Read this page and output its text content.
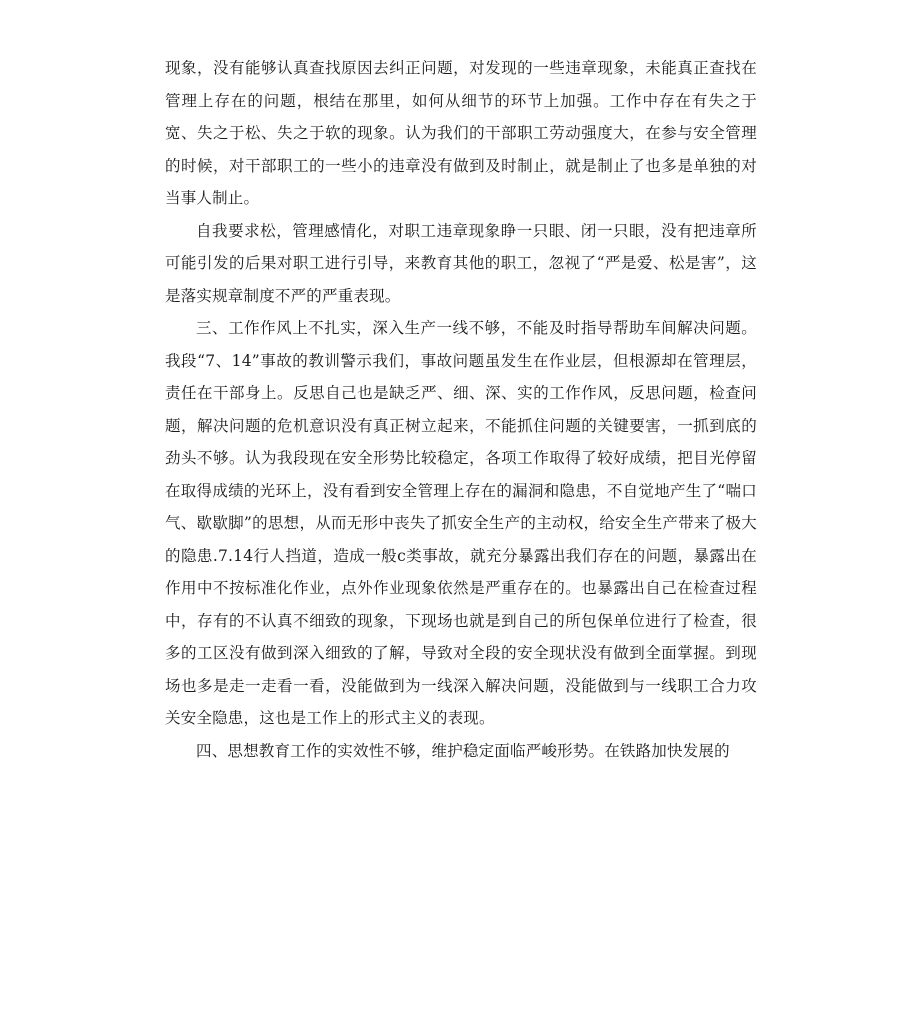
现象，没有能够认真查找原因去纠正问题，对发现的一些违章现象，未能真正查找在管理上存在的问题，根结在那里，如何从细节的环节上加强。工作中存在有失之于宽、失之于松、失之于软的现象。认为我们的干部职工劳动强度大，在参与安全管理的时候，对干部职工的一些小的违章没有做到及时制止，就是制止了也多是单独的对当事人制止。

自我要求松，管理感情化，对职工违章现象睁一只眼、闭一只眼，没有把违章所可能引发的后果对职工进行引导，来教育其他的职工，忽视了“严是爱、松是害”，这是落实规章制度不严的严重表现。

三、工作作风上不扎实，深入生产一线不够，不能及时指导帮助车间解决问题。我段“7、14”事故的教训警示我们，事故问题虽发生在作业层，但根源却在管理层，责任在干部身上。反思自己也是缺乏严、细、深、实的工作作风，反思问题，检查问题，解决问题的危机意识没有真正树立起来，不能抓住问题的关键要害，一抓到底的劲头不够。认为我段现在安全形势比较稳定，各项工作取得了较好成绩，把目光停留在取得成绩的光环上，没有看到安全管理上存在的漏洞和隐患，不自觉地产生了“喘口气、歇歇脚”的思想，从而无形中丧失了抓安全生产的主动权，给安全生产带来了极大的隐患.7.14行人挡道，造成一般c类事故，就充分暴露出我们存在的问题，暴露出在作用中不按标准化作业，点外作业现象依然是严重存在的。也暴露出自己在检查过程中，存有的不认真不细致的现象，下现场也就是到自己的所包保单位进行了检查，很多的工区没有做到深入细致的了解，导致对全段的安全现状没有做到全面掌握。到现场也多是走一走看一看，没能做到为一线深入解决问题，没能做到与一线职工合力攻关安全隐患，这也是工作上的形式主义的表现。

四、思想教育工作的实效性不够，维护稳定面临严峻形势。在铁路加快发展的
